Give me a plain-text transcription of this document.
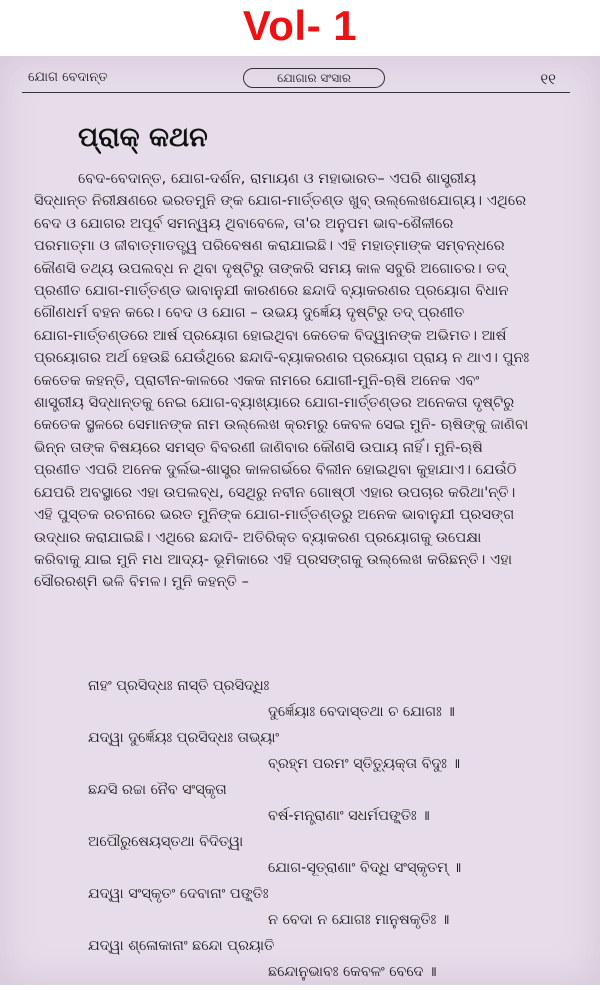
Vol- 1
ଯୋଗ ବେଦାନ୍ତ	ଯୋଗାର ସଂସାର	୧୧
ପ୍ରାକ୍ କଥନ
ବେଦ-ବେଦାନ୍ତ, ଯୋଗ-ଦର୍ଶନ, ରାମାୟଣ ଓ ମହାଭାରତ– ଏପରି ଶାସ୍ତ୍ରୀୟ
ସିଦ୍ଧାନ୍ତ ନିରୀକ୍ଷଣରେ ଭରତମୁନି ଙ୍କ ଯୋଗ-ମାର୍ତ୍ତଣ୍ଡ ଖୁବ୍ ଉଲ୍ଲେଖଯୋଗ୍ୟ। ଏଥିରେ
ବେଦ ଓ ଯୋଗର ଅପୂର୍ବ ସମନ୍ୱୟ ଥିବାବେଳେ, ତା'ର ଅନୁପମ ଭାବ-ଶୈଳୀରେ
ପରମାତ୍ମା ଓ ଜୀବାତ୍ମାତତ୍ତ୍ୱ ପରିବେଷଣ କରାଯାଇଛି। ଏହି ମହାତ୍ମାଙ୍କ ସମ୍ବନ୍ଧରେ
କୌଣସି ତଥ୍ୟ ଉପଲବ୍ଧ ନ ଥିବା ଦୃଷ୍ଟିରୁ ତାଙ୍କରି ସମୟ କାଳ ସବୁରି ଅଗୋଚର। ତଦ୍
ପ୍ରଣୀତ ଯୋଗ-ମାର୍ତ୍ତଣ୍ଡ ଭାବାନୁଯୀ କାରଣରେ ଛନ୍ଦାଦି ବ୍ୟାକରଣର ପ୍ରୟୋଗ ବିଧାନ
ଗୌଣଧର୍ମ ବହନ କରେ। ବେଦ ଓ ଯୋଗ – ଉଭୟ ଦୁର୍ଜ୍ଞେୟ ଦୃଷ୍ଟିରୁ ତଦ୍ ପ୍ରଣୀତ
ଯୋଗ-ମାର୍ତ୍ତଣ୍ଡରେ ଆର୍ଷ ପ୍ରୟୋଗ ହୋଇଥିବା କେତେକ ବିଦ୍ୱାନଙ୍କ ଅଭିମତ। ଆର୍ଷ
ପ୍ରୟୋଗର ଅର୍ଥ ହେଉଛି ଯେଉଁଥିରେ ଛନ୍ଦାଦି-ବ୍ୟାକରଣର ପ୍ରୟୋଗ ପ୍ରାୟ ନ ଥାଏ। ପୁନଃ
କେତେକ କହନ୍ତି, ପ୍ରାଚୀନ-କାଳରେ ଏକକ ନାମରେ ଯୋଗୀ-ମୁନି-ଋଷି ଅନେକ ଏବଂ
ଶାସ୍ତ୍ରୀୟ ସିଦ୍ଧାନ୍ତକୁ ନେଇ ଯୋଗ-ବ୍ୟାଖ୍ୟାରେ ଯୋଗ-ମାର୍ତ୍ତଣ୍ଡର ଅନେକତା ଦୃଷ୍ଟିରୁ
କେତେକ ସ୍ଥଳରେ ସେମାନଙ୍କ ନାମ ଉଲ୍ଲେଖ କ୍ରମରୁ କେବଳ ସେଇ ମୁନି- ଋଷିଙ୍କୁ ଜାଣିବା
ଭିନ୍ନ ତାଙ୍କ ବିଷୟରେ ସମସ୍ତ ବିବରଣୀ ଜାଣିବାର କୌଣସି ଉପାୟ ନାହିଁ। ମୁନି-ଋଷି
ପ୍ରଣୀତ ଏପରି ଅନେକ ଦୁର୍ଲଭ-ଶାସ୍ତ୍ର କାଳଗର୍ଭରେ ବିଲୀନ ହୋଇଥିବା କୁହାଯାଏ। ଯେଉଁଠି
ଯେପରି ଅବସ୍ଥାରେ ଏହା ଉପଲବ୍ଧ, ସେଥିରୁ ନବୀନ ଗୋଷ୍ଠୀ ଏହାର ଉପଚାର କରିଥା'ନ୍ତି।
ଏହି ପୁସ୍ତକ ରଚନାରେ ଭରତ ମୁନିଙ୍କ ଯୋଗ-ମାର୍ତ୍ତଣ୍ଡରୁ ଅନେକ ଭାବାନୁଯୀ ପ୍ରସଙ୍ଗ
ଉଦ୍ଧାର କରାଯାଇଛି। ଏଥିରେ ଛନ୍ଦାଦି- ଅତିରିକ୍ତ ବ୍ୟାକରଣ ପ୍ରୟୋଗକୁ ଉପେକ୍ଷା
କରିବାକୁ ଯାଇ ମୁନି ମଧ ଆଦ୍ୟ- ଭୂମିକାରେ ଏହି ପ୍ରସଙ୍ଗକୁ ଉଲ୍ଲେଖ କରିଛନ୍ତି। ଏହା
ସୌରରଶ୍ମି ଭଳି ବିମଳ। ମୁନି କହନ୍ତି –
ନାହଂ ପ୍ରସିଦ୍ଧଃ ନାସ୍ତି ପ୍ରସିଦ୍ଧିଃ
ଦୁର୍ଜ୍ଞେୟାଃ ବେଦାସ୍ତଥା ଚ ଯୋଗଃ ॥
ଯଦ୍ୱା ଦୁର୍ଜ୍ଞେୟଃ ପ୍ରସିଦ୍ଧଃ ତାଭ୍ୟାଂ
ବ୍ରହ୍ମ ପରମଂ ସ୍ତିତ୍ୟୁକ୍ତା ବିଦୁଃ ॥
ଛନ୍ଦସି ରଚ୍ଚା ନୈବ ସଂସ୍କୃତା
ବର୍ଷ-ମନ୍ତ୍ରାଣାଂ ସଧର୍ମପଙ୍କ୍ତିଃ ॥
ଅପୌରୁଷେୟସ୍ତଥା ବିଦିତ୍ୱା
ଯୋଗ-ସୂତ୍ରାଣାଂ ବିଦ୍ଧି ସଂସ୍କୃତମ୍ ॥
ଯଦ୍ୱା ସଂସ୍କୃତଂ ଦେବାନାଂ ପଙ୍କ୍ତିଃ
ନ ବେଦା ନ ଯୋଗଃ ମାନୁଷକୃତିଃ ॥
ଯଦ୍ୱା ଶ୍ଳୋକାନାଂ ଛନ୍ଦୋ ପ୍ରୟାତି
ଛନ୍ଦୋନୁଭାବଃ କେବଳଂ ବେଦେ ॥
